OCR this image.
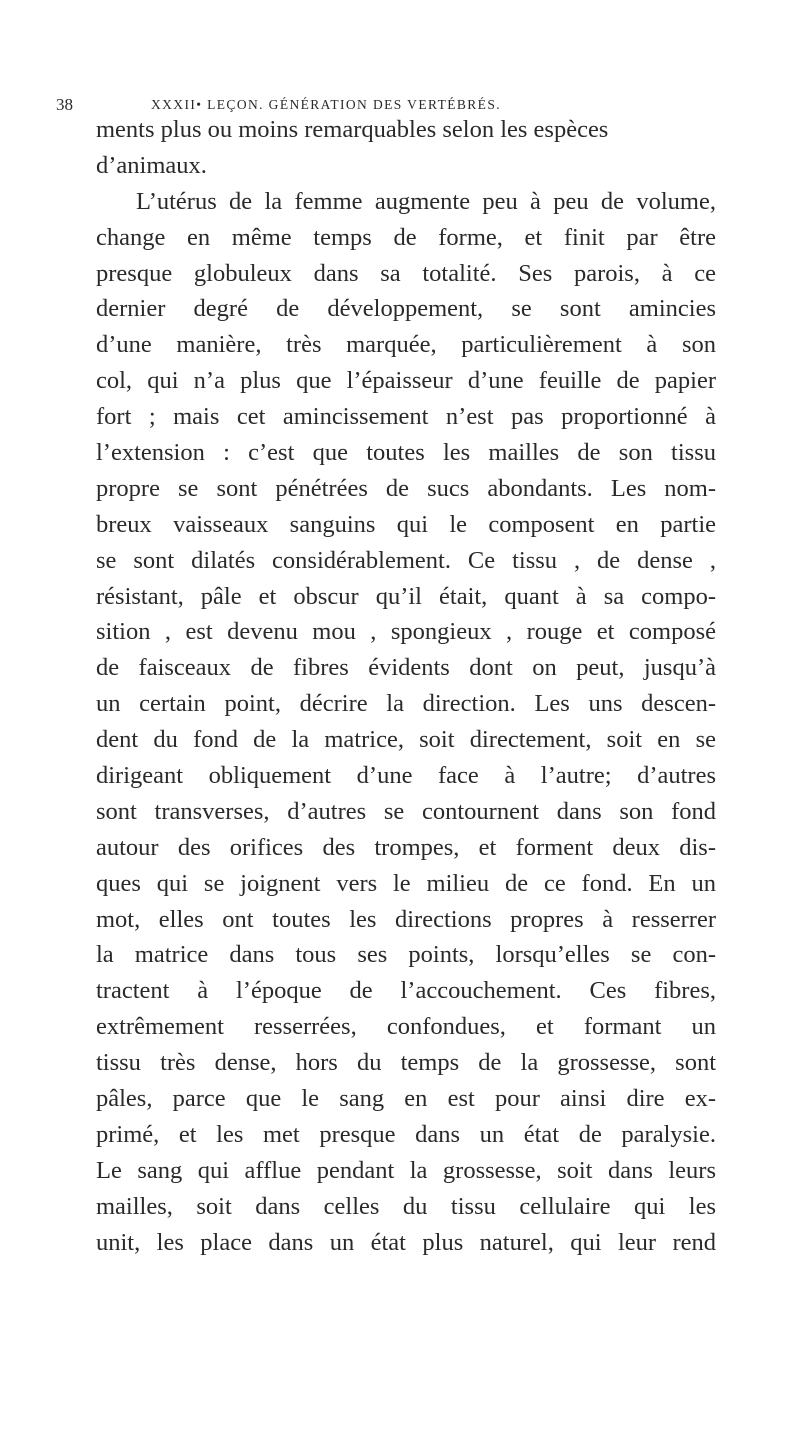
38	XXXII• LEÇON. GÉNÉRATION DES VERTÉBRÉS.
ments plus ou moins remarquables selon les espèces
d’animaux.
L’utérus de la femme augmente peu à peu de volume,
change en même temps de forme, et finit par être
presque globuleux dans sa totalité. Ses parois, à ce
dernier degré de développement, se sont amincies
d’une manière, très marquée, particulièrement à son
col, qui n’a plus que l’épaisseur d’une feuille de papier
fort ; mais cet amincissement n’est pas proportionné à
l’extension : c’est que toutes les mailles de son tissu
propre se sont pénétrées de sucs abondants. Les nom-
breux vaisseaux sanguins qui le composent en partie
se sont dilatés considérablement. Ce tissu , de dense ,
résistant, pâle et obscur qu’il était, quant à sa compo-
sition , est devenu mou , spongieux , rouge et composé
de faisceaux de fibres évidents dont on peut, jusqu’à
un certain point, décrire la direction. Les uns descen-
dent du fond de la matrice, soit directement, soit en se
dirigeant obliquement d’une face à l’autre; d’autres
sont transverses, d’autres se contournent dans son fond
autour des orifices des trompes, et forment deux dis-
ques qui se joignent vers le milieu de ce fond. En un
mot, elles ont toutes les directions propres à resserrer
la matrice dans tous ses points, lorsqu’elles se con-
tractent à l’époque de l’accouchement. Ces fibres,
extrêmement resserrées, confondues, et formant un
tissu très dense, hors du temps de la grossesse, sont
pâles, parce que le sang en est pour ainsi dire ex-
primé, et les met presque dans un état de paralysie.
Le sang qui afflue pendant la grossesse, soit dans leurs
mailles, soit dans celles du tissu cellulaire qui les
unit, les place dans un état plus naturel, qui leur rend
